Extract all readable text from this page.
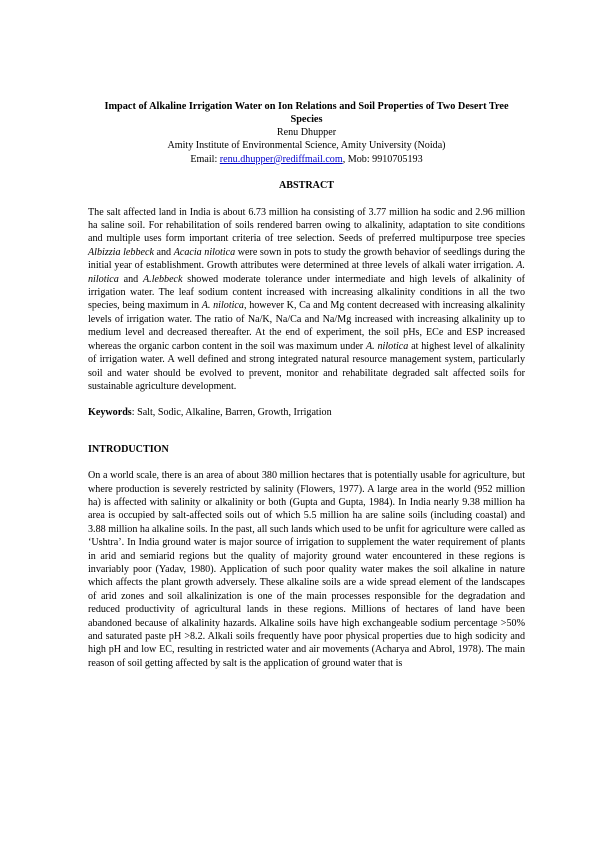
Impact of Alkaline Irrigation Water on Ion Relations and Soil Properties of Two Desert Tree Species

Renu Dhupper

Amity Institute of Environmental Science, Amity University (Noida)

Email: renu.dhupper@rediffmail.com, Mob: 9910705193

ABSTRACT

The salt affected land in India is about 6.73 million ha consisting of 3.77 million ha sodic and 2.96 million ha saline soil. For rehabilitation of soils rendered barren owing to alkalinity, adaptation to site conditions and multiple uses form important criteria of tree selection. Seeds of preferred multipurpose tree species Albizzia lebbeck and Acacia nilotica were sown in pots to study the growth behavior of seedlings during the initial year of establishment. Growth attributes were determined at three levels of alkali water irrigation. A. nilotica and A.lebbeck showed moderate tolerance under intermediate and high levels of alkalinity of irrigation water. The leaf sodium content increased with increasing alkalinity conditions in all the two species, being maximum in A. nilotica, however K, Ca and Mg content decreased with increasing alkalinity levels of irrigation water. The ratio of Na/K, Na/Ca and Na/Mg increased with increasing alkalinity up to medium level and decreased thereafter. At the end of experiment, the soil pHs, ECe and ESP increased whereas the organic carbon content in the soil was maximum under A. nilotica at highest level of alkalinity of irrigation water. A well defined and strong integrated natural resource management system, particularly soil and water should be evolved to prevent, monitor and rehabilitate degraded salt affected soils for sustainable agriculture development.

Keywords: Salt, Sodic, Alkaline, Barren, Growth, Irrigation

INTRODUCTION

On a world scale, there is an area of about 380 million hectares that is potentially usable for agriculture, but where production is severely restricted by salinity (Flowers, 1977). A large area in the world (952 million ha) is affected with salinity or alkalinity or both (Gupta and Gupta, 1984). In India nearly 9.38 million ha area is occupied by salt-affected soils out of which 5.5 million ha are saline soils (including coastal) and 3.88 million ha alkaline soils. In the past, all such lands which used to be unfit for agriculture were called as ‘Ushtra’. In India ground water is major source of irrigation to supplement the water requirement of plants in arid and semiarid regions but the quality of majority ground water encountered in these regions is invariably poor (Yadav, 1980). Application of such poor quality water makes the soil alkaline in nature which affects the plant growth adversely. These alkaline soils are a wide spread element of the landscapes of arid zones and soil alkalinization is one of the main processes responsible for the degradation and reduced productivity of agricultural lands in these regions. Millions of hectares of land have been abandoned because of alkalinity hazards. Alkaline soils have high exchangeable sodium percentage >50% and saturated paste pH >8.2. Alkali soils frequently have poor physical properties due to high sodicity and high pH and low EC, resulting in restricted water and air movements (Acharya and Abrol, 1978). The main reason of soil getting affected by salt is the application of ground water that is
